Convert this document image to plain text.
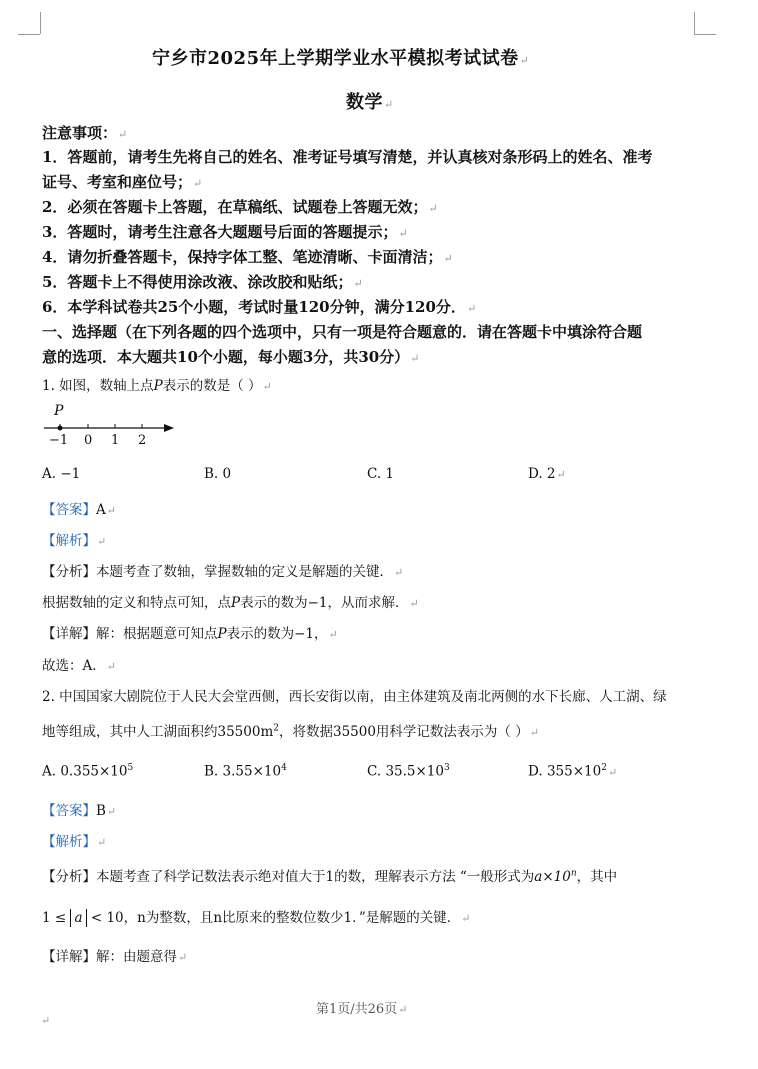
宁乡市2025年上学期学业水平模拟考试试卷↵
数学↵
注意事项：↵
1．答题前，请考生先将自己的姓名、准考证号填写清楚，并认真核对条形码上的姓名、准考
证号、考室和座位号；↵
2．必须在答题卡上答题，在草稿纸、试题卷上答题无效；↵
3．答题时，请考生注意各大题题号后面的答题提示；↵
4．请勿折叠答题卡，保持字体工整、笔迹清晰、卡面清洁；↵
5．答题卡上不得使用涂改液、涂改胶和贴纸；↵
6．本学科试卷共25个小题，考试时量120分钟，满分120分．↵
一、选择题（在下列各题的四个选项中，只有一项是符合题意的．请在答题卡中填涂符合题
意的选项．本大题共10个小题，每小题3分，共30分）↵
1. 如图，数轴上点P表示的数是（ ）↵
P
−1 0 1 2
A. −1	B. 0	C. 1	D. 2↵
【答案】A↵
【解析】↵
【分析】本题考查了数轴，掌握数轴的定义是解题的关键．↵
根据数轴的定义和特点可知，点P表示的数为−1，从而求解．↵
【详解】解：根据题意可知点P表示的数为−1，↵
故选：A．↵
2. 中国国家大剧院位于人民大会堂西侧，西长安街以南，由主体建筑及南北两侧的水下长廊、人工湖、绿
地等组成，其中人工湖面积约$35500m^2$，将数据35500用科学记数法表示为（ ）↵
A. $0.355\times 10^5$	B. $3.55\times 10^4$	C. $35.5\times 10^3$	D. $355\times 10^2↵$
【答案】B↵
【解析】↵
【分析】本题考查了科学记数法表示绝对值大于1的数，理解表示方法 “一般形式为$a\times 10^n$，其中
1 ≤ a < 10，n为整数，且n比原来的整数位数少1．”是解题的关键．↵
【详解】解：由题意得↵
第1页/共26页↵
↵
